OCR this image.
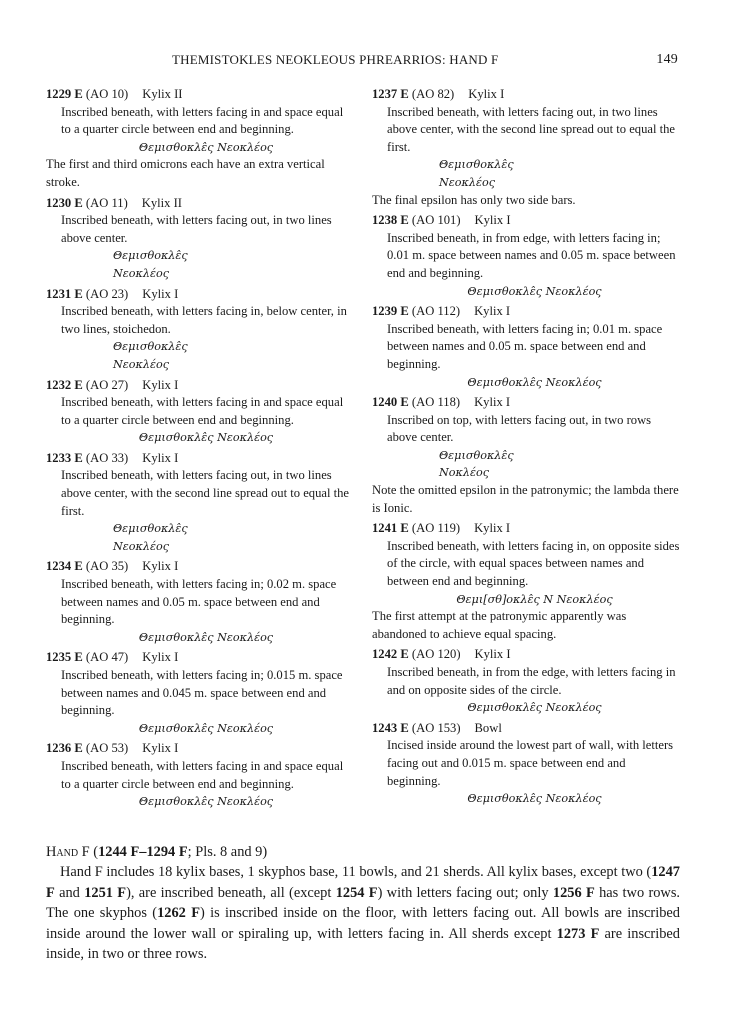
THEMISTOKLES NEOKLEOUS PHREARRIOS: HAND F	149
1229 E (AO 10) Kylix II

Inscribed beneath, with letters facing in and space equal to a quarter circle between end and beginning.

Θεμισθοκλε̂ς Νεοκλέος

The first and third omicrons each have an extra vertical stroke.

1230 E (AO 11) Kylix II

Inscribed beneath, with letters facing out, in two lines above center.

Θεμισθοκλε̂ς
Νεοκλέος
1231 E (AO 23) Kylix I

Inscribed beneath, with letters facing in, below center, in two lines, stoichedon.

Θεμισθοκλε̂ς
Νεοκλέος
1232 E (AO 27) Kylix I

Inscribed beneath, with letters facing in and space equal to a quarter circle between end and beginning.

Θεμισθοκλε̂ς Νεοκλέος
1233 E (AO 33) Kylix I

Inscribed beneath, with letters facing out, in two lines above center, with the second line spread out to equal the first.

Θεμισθοκλε̂ς
Νεοκλέος
1234 E (AO 35) Kylix I

Inscribed beneath, with letters facing in; 0.02 m. space between names and 0.05 m. space between end and beginning.

Θεμισθοκλε̂ς Νεοκλέος
1235 E (AO 47) Kylix I

Inscribed beneath, with letters facing in; 0.015 m. space between names and 0.045 m. space between end and beginning.

Θεμισθοκλε̂ς Νεοκλέος
1236 E (AO 53) Kylix I

Inscribed beneath, with letters facing in and space equal to a quarter circle between end and beginning.

Θεμισθοκλε̂ς Νεοκλέος
1237 E (AO 82) Kylix I

Inscribed beneath, with letters facing out, in two lines above center, with the second line spread out to equal the first.

Θεμισθοκλε̂ς
Νεοκλέος

The final epsilon has only two side bars.

1238 E (AO 101) Kylix I

Inscribed beneath, in from edge, with letters facing in; 0.01 m. space between names and 0.05 m. space between end and beginning.

Θεμισθοκλε̂ς Νεοκλέος
1239 E (AO 112) Kylix I

Inscribed beneath, with letters facing in; 0.01 m. space between names and 0.05 m. space between end and beginning.

Θεμισθοκλε̂ς Νεοκλέος
1240 E (AO 118) Kylix I

Inscribed on top, with letters facing out, in two rows above center.

Θεμισθοκλε̂ς
Νοκλέος

Note the omitted epsilon in the patronymic; the lambda there is Ionic.

1241 E (AO 119) Kylix I

Inscribed beneath, with letters facing in, on opposite sides of the circle, with equal spaces between names and between end and beginning.

Θεμι[σθ]οκλε̂ς Ν Νεοκλέος

The first attempt at the patronymic apparently was abandoned to achieve equal spacing.

1242 E (AO 120) Kylix I

Inscribed beneath, in from the edge, with letters facing in and on opposite sides of the circle.

Θεμισθοκλε̂ς Νεοκλέος
1243 E (AO 153) Bowl

Incised inside around the lowest part of wall, with letters facing out and 0.015 m. space between end and beginning.

Θεμισθοκλε̂ς Νεοκλέος
Hand F (1244 F–1294 F; Pls. 8 and 9)

Hand F includes 18 kylix bases, 1 skyphos base, 11 bowls, and 21 sherds. All kylix bases, except two (1247 F and 1251 F), are inscribed beneath, all (except 1254 F) with letters facing out; only 1256 F has two rows. The one skyphos (1262 F) is inscribed inside on the floor, with letters facing out. All bowls are inscribed inside around the lower wall or spiraling up, with letters facing in. All sherds except 1273 F are inscribed inside, in two or three rows.
